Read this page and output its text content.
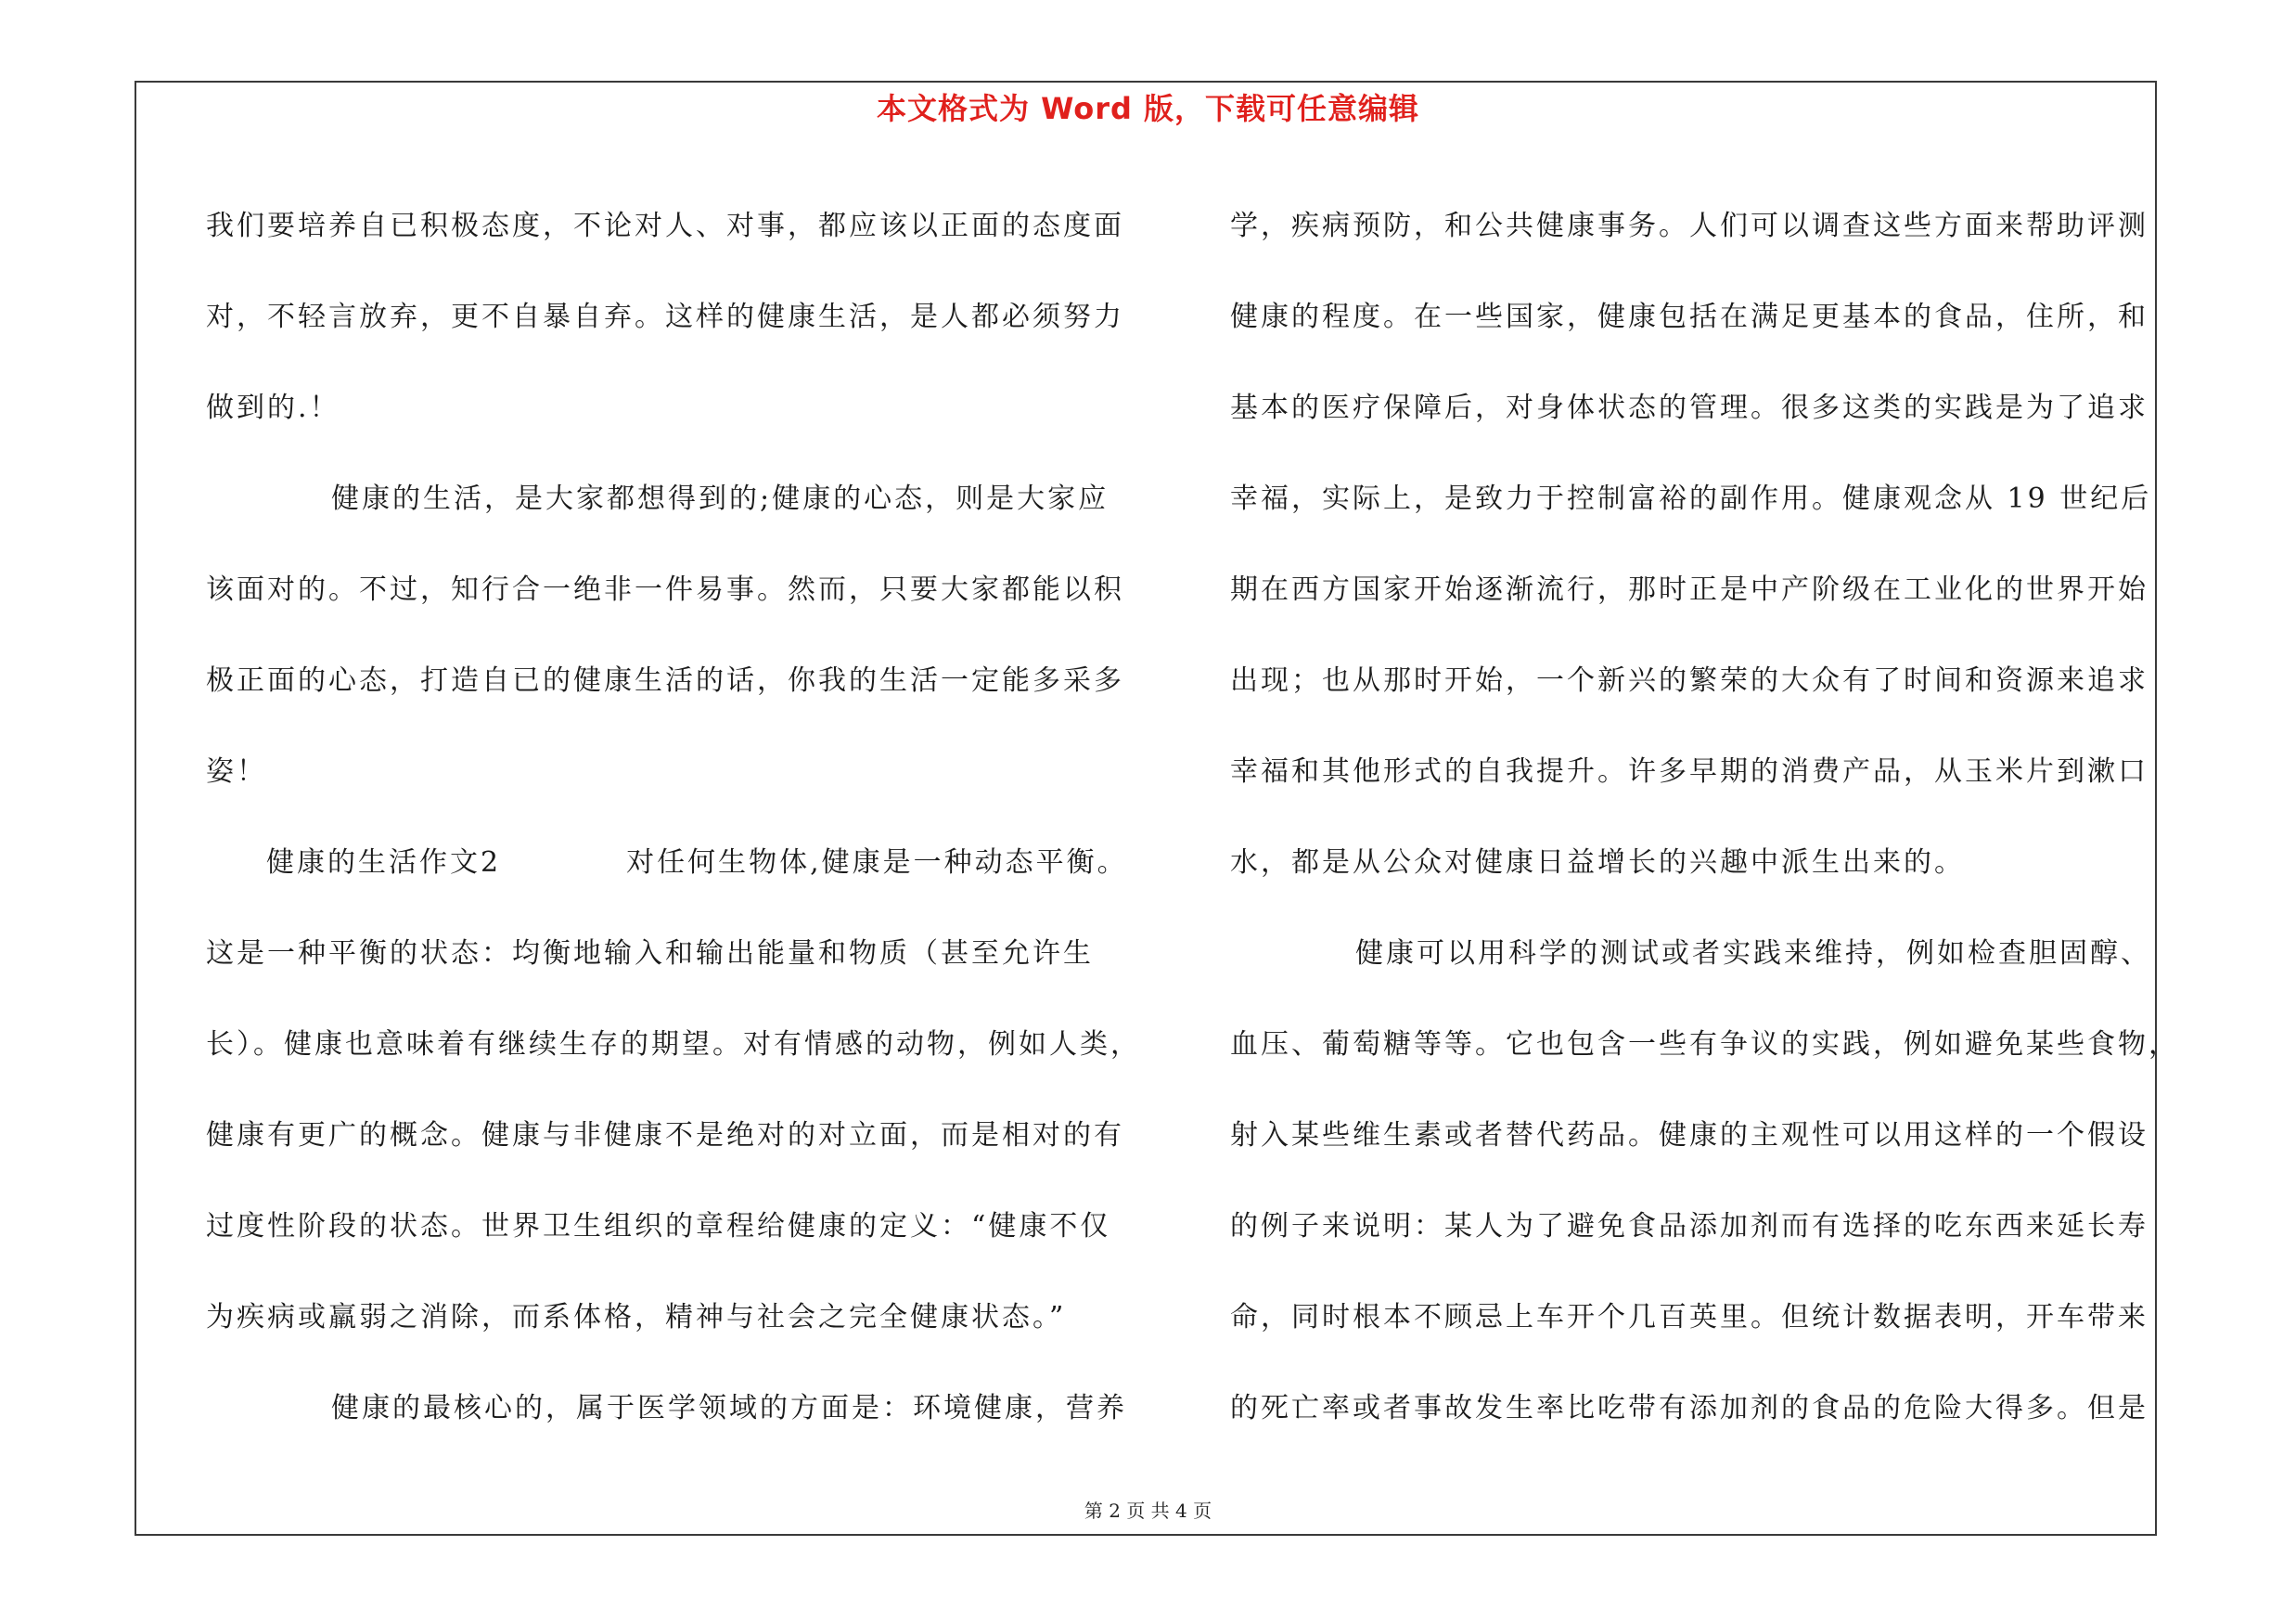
本文格式为 Word 版，下载可任意编辑
我们要培养自已积极态度，不论对人、对事，都应该以正面的态度面
对，不轻言放弃，更不自暴自弃。这样的健康生活，是人都必须努力
做到的.！
健康的生活，是大家都想得到的;健康的心态，则是大家应
该面对的。不过，知行合一绝非一件易事。然而，只要大家都能以积
极正面的心态，打造自已的健康生活的话，你我的生活一定能多采多
姿！
健康的生活作文2	对任何生物体,健康是一种动态平衡。
这是一种平衡的状态：均衡地输入和输出能量和物质（甚至允许生
长）。健康也意味着有继续生存的期望。对有情感的动物，例如人类，
健康有更广的概念。健康与非健康不是绝对的对立面，而是相对的有
过度性阶段的状态。世界卫生组织的章程给健康的定义：“健康不仅
为疾病或羸弱之消除，而系体格，精神与社会之完全健康状态。”
健康的最核心的，属于医学领域的方面是：环境健康，营养
学，疾病预防，和公共健康事务。人们可以调查这些方面来帮助评测
健康的程度。在一些国家，健康包括在满足更基本的食品，住所，和
基本的医疗保障后，对身体状态的管理。很多这类的实践是为了追求
幸福，实际上，是致力于控制富裕的副作用。健康观念从 19 世纪后
期在西方国家开始逐渐流行，那时正是中产阶级在工业化的世界开始
出现；也从那时开始，一个新兴的繁荣的大众有了时间和资源来追求
幸福和其他形式的自我提升。许多早期的消费产品，从玉米片到漱口
水，都是从公众对健康日益增长的兴趣中派生出来的。
健康可以用科学的测试或者实践来维持，例如检查胆固醇、
血压、葡萄糖等等。它也包含一些有争议的实践，例如避免某些食物，
射入某些维生素或者替代药品。健康的主观性可以用这样的一个假设
的例子来说明：某人为了避免食品添加剂而有选择的吃东西来延长寿
命，同时根本不顾忌上车开个几百英里。但统计数据表明，开车带来
的死亡率或者事故发生率比吃带有添加剂的食品的危险大得多。但是
第 2 页 共 4 页
